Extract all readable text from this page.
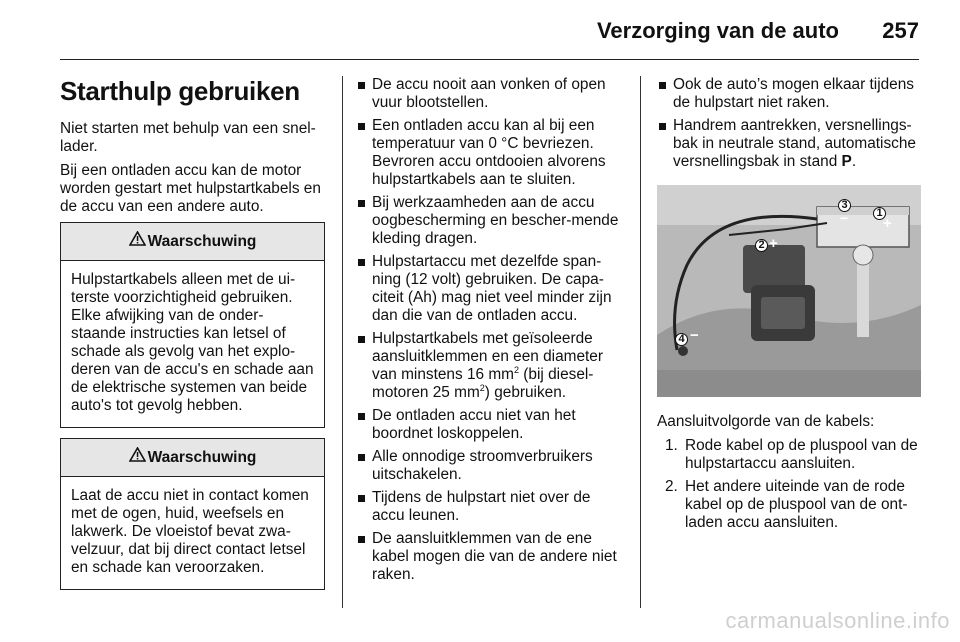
Verzorging van de auto 257
Starthulp gebruiken

Niet starten met behulp van een snel-lader.

Bij een ontladen accu kan de motor worden gestart met hulpstartkabels en de accu van een andere auto.

Waarschuwing
Hulpstartkabels alleen met de ui-terste voorzichtigheid gebruiken. Elke afwijking van de onder-staande instructies kan letsel of schade als gevolg van het explo-deren van de accu's en schade aan de elektrische systemen van beide auto's tot gevolg hebben.
Waarschuwing
Laat de accu niet in contact komen met de ogen, huid, weefsels en lakwerk. De vloeistof bevat zwa-velzuur, dat bij direct contact letsel en schade kan veroorzaken.
De accu nooit aan vonken of open vuur blootstellen.
Een ontladen accu kan al bij een temperatuur van 0 °C bevriezen. Bevroren accu ontdooien alvorens hulpstartkabels aan te sluiten.
Bij werkzaamheden aan de accu oogbescherming en bescher-mende kleding dragen.
Hulpstartaccu met dezelfde span-ning (12 volt) gebruiken. De capa-citeit (Ah) mag niet veel minder zijn dan die van de ontladen accu.
Hulpstartkabels met geïsoleerde aansluitklemmen en een diameter van minstens 16 $mm^2$ (bij diesel-motoren 25 $mm^2$) gebruiken.
De ontladen accu niet van het boordnet loskoppelen.
Alle onnodige stroomverbruikers uitschakelen.
Tijdens de hulpstart niet over de accu leunen.
De aansluitklemmen van de ene kabel mogen die van de andere niet raken.
Ook de auto’s mogen elkaar tijdens de hulpstart niet raken.
Handrem aantrekken, versnellings-bak in neutrale stand, automatische versnellingsbak in stand P.
3
−	1
+
2 +
4 −

Aansluitvolgorde van de kabels:

1. Rode kabel op de pluspool van de hulpstartaccu aansluiten.
2. Het andere uiteinde van de rode kabel op de pluspool van de ont-laden accu aansluiten.
carmanualsonline.info
